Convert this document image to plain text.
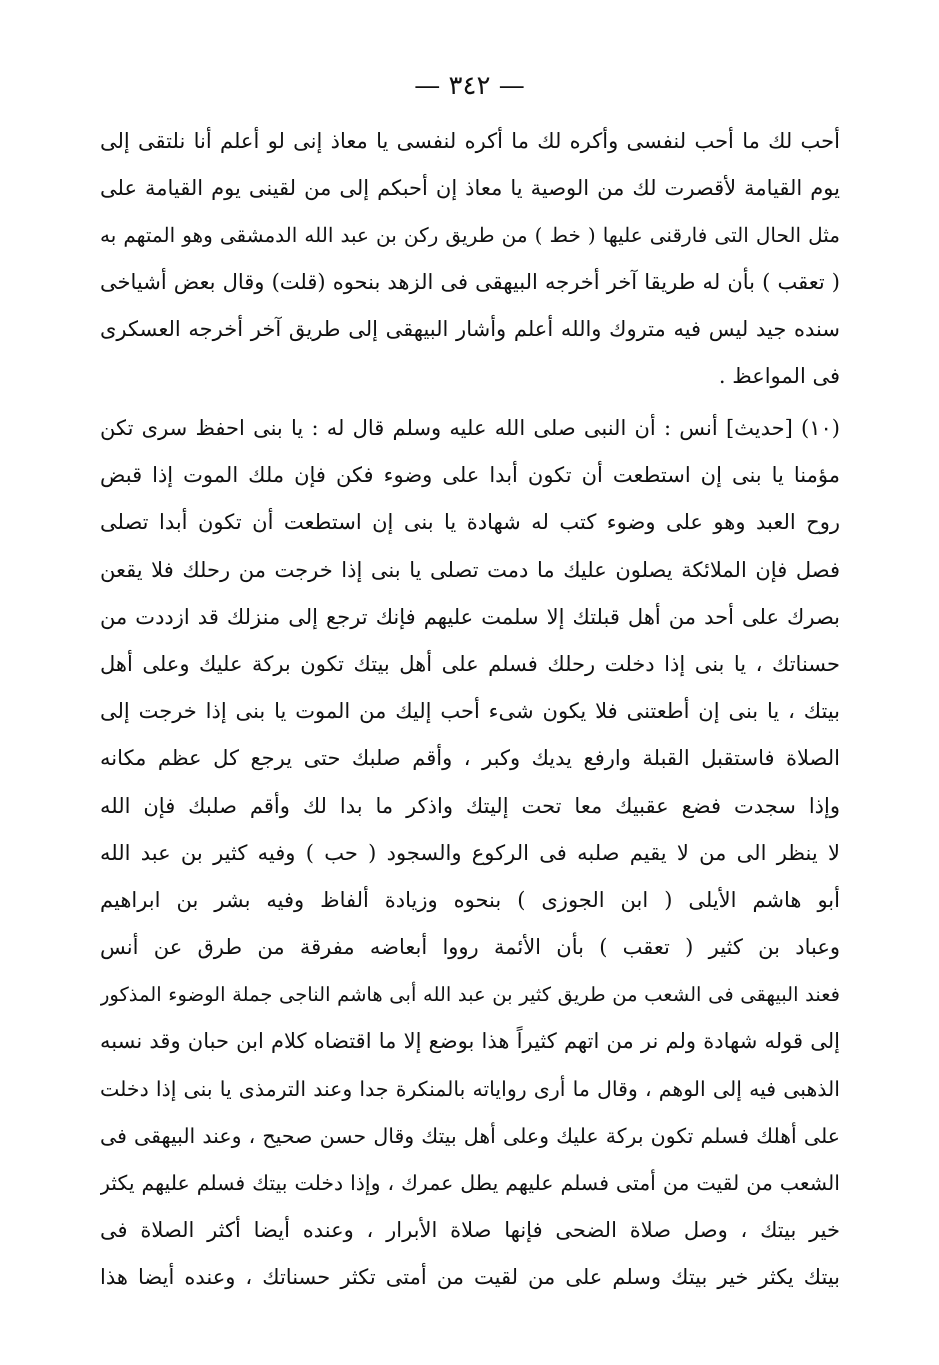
— ٣٤٢ —
أحب لك ما أحب لنفسى وأكره لك ما أكره لنفسى يا معاذ إنى لو أعلم أنا نلتقى إلى
يوم القيامة لأقصرت لك من الوصية يا معاذ إن أحبكم إلى من لقينى يوم القيامة على
مثل الحال التى فارقنى عليها ( خط ) من طريق ركن بن عبد الله الدمشقى وهو المتهم به
( تعقب ) بأن له طريقا آخر أخرجه البيهقى فى الزهد بنحوه (قلت) وقال بعض أشياخى
سنده جيد ليس فيه متروك والله أعلم وأشار البيهقى إلى طريق آخر أخرجه العسكرى
فى المواعظ .
(١٠) [حديث] أنس : أن النبى صلى الله عليه وسلم قال له : يا بنى احفظ سرى تكن
مؤمنا يا بنى إن استطعت أن تكون أبدا على وضوء فكن فإن ملك الموت إذا قبض
روح العبد وهو على وضوء كتب له شهادة يا بنى إن استطعت أن تكون أبدا تصلى
فصل فإن الملائكة يصلون عليك ما دمت تصلى يا بنى إذا خرجت من رحلك فلا يقعن
بصرك على أحد من أهل قبلتك إلا سلمت عليهم فإنك ترجع إلى منزلك قد ازددت من
حسناتك ، يا بنى إذا دخلت رحلك فسلم على أهل بيتك تكون بركة عليك وعلى أهل
بيتك ، يا بنى إن أطعتنى فلا يكون شىء أحب إليك من الموت يا بنى إذا خرجت إلى
الصلاة فاستقبل القبلة وارفع يديك وكبر ، وأقم صلبك حتى يرجع كل عظم مكانه
وإذا سجدت فضع عقبيك معا تحت إليتك واذكر ما بدا لك وأقم صلبك فإن الله
لا ينظر الى من لا يقيم صلبه فى الركوع والسجود ( حب ) وفيه كثير بن عبد الله
أبو هاشم الأيلى ( ابن الجوزى ) بنحوه وزيادة ألفاظ وفيه بشر بن ابراهيم
وعباد بن كثير ( تعقب ) بأن الأئمة رووا أبعاضه مفرقة من طرق عن أنس
فعند البيهقى فى الشعب من طريق كثير بن عبد الله أبى هاشم الناجى جملة الوضوء المذكور
إلى قوله شهادة ولم نر من اتهم كثيراً هذا بوضع إلا ما اقتضاه كلام ابن حبان وقد نسبه
الذهبى فيه إلى الوهم ، وقال ما أرى رواياته بالمنكرة جدا وعند الترمذى يا بنى إذا دخلت
على أهلك فسلم تكون بركة عليك وعلى أهل بيتك وقال حسن صحيح ، وعند البيهقى فى
الشعب من لقيت من أمتى فسلم عليهم يطل عمرك ، وإذا دخلت بيتك فسلم عليهم يكثر
خير بيتك ، وصل صلاة الضحى فإنها صلاة الأبرار ، وعنده أيضا أكثر الصلاة فى
بيتك يكثر خير بيتك وسلم على من لقيت من أمتى تكثر حسناتك ، وعنده أيضا هذا
